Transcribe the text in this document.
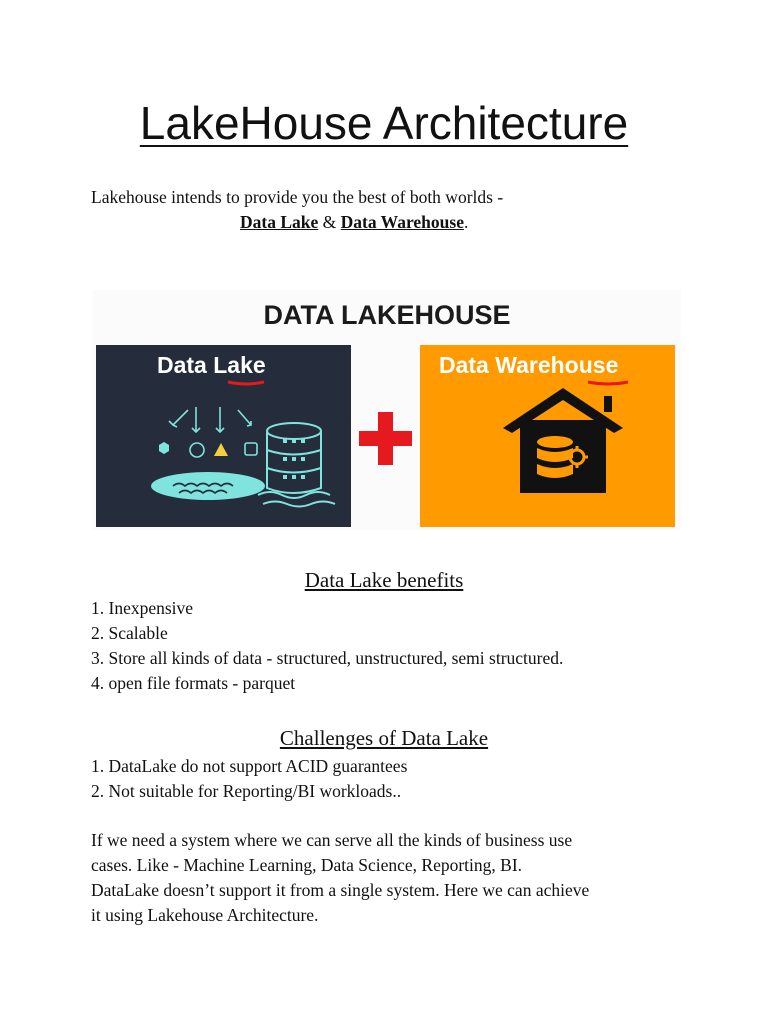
LakeHouse Architecture

Lakehouse intends to provide you the best of both worlds -

Data Lake & Data Warehouse.

DATA LAKEHOUSE
Data Lake	Data Warehouse
Data Lake benefits
1. Inexpensive
2. Scalable
3. Store all kinds of data - structured, unstructured, semi structured.
4. open file formats - parquet
Challenges of Data Lake
1. DataLake do not support ACID guarantees
2. Not suitable for Reporting/BI workloads..
If we need a system where we can serve all the kinds of business use
cases. Like - Machine Learning, Data Science, Reporting, BI.
DataLake doesn’t support it from a single system. Here we can achieve
it using Lakehouse Architecture.
